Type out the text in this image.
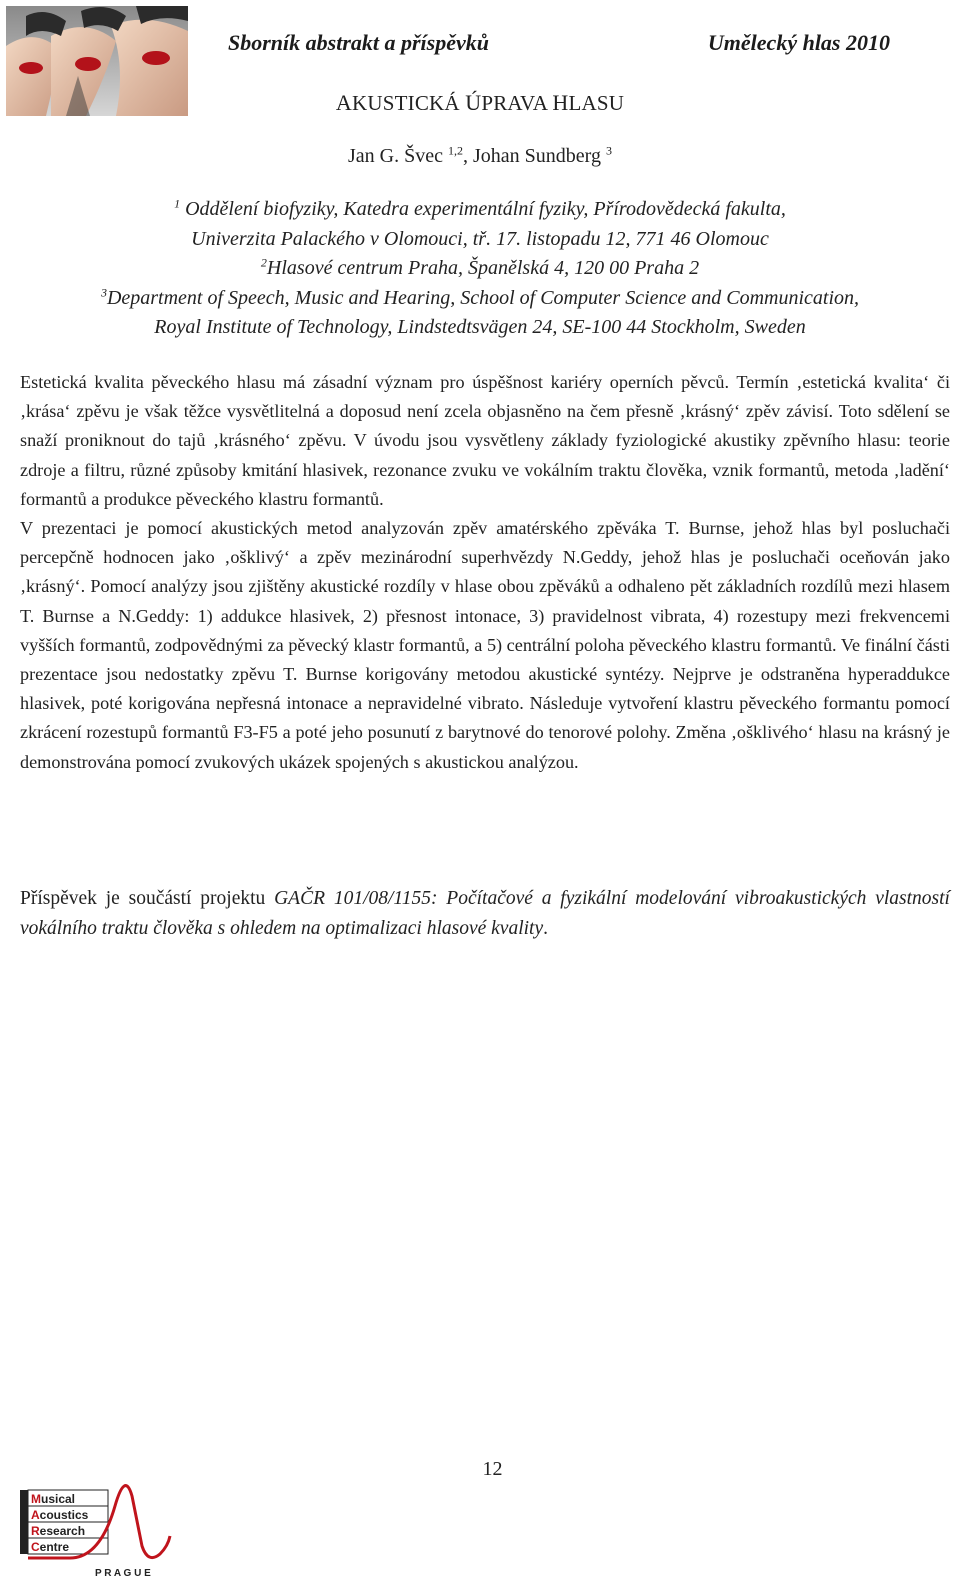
Sborník abstrakt a příspěvků	Umělecký hlas 2010
AKUSTICKÁ ÚPRAVA HLASU
Jan G. Švec $^{1,2}$, Johan Sundberg $^3$
$^1$ Oddělení biofyziky, Katedra experimentální fyziky, Přírodovědecká fakulta,
Univerzita Palackého v Olomouci, tř. 17. listopadu 12, 771 46 Olomouc
$^2$Hlasové centrum Praha, Španělská 4, 120 00 Praha 2
$^3$Department of Speech, Music and Hearing, School of Computer Science and Communication,
Royal Institute of Technology, Lindstedtsvägen 24, SE-100 44 Stockholm, Sweden

Estetická kvalita pěveckého hlasu má zásadní význam pro úspěšnost kariéry operních pěvců. Termín ‚estetická kvalita‘ či ‚krása‘ zpěvu je však těžce vysvětlitelná a doposud není zcela objasněno na čem přesně ‚krásný‘ zpěv závisí. Toto sdělení se snaží proniknout do tajů ‚krásného‘ zpěvu. V úvodu jsou vysvětleny základy fyziologické akustiky zpěvního hlasu: teorie zdroje a filtru, různé způsoby kmitání hlasivek, rezonance zvuku ve vokálním traktu člověka, vznik formantů, metoda ‚ladění‘ formantů a produkce pěveckého klastru formantů.

V prezentaci je pomocí akustických metod analyzován zpěv amatérského zpěváka T. Burnse, jehož hlas byl posluchači percepčně hodnocen jako ‚ošklivý‘ a zpěv mezinárodní superhvězdy N.Geddy, jehož hlas je posluchači oceňován jako ‚krásný‘. Pomocí analýzy jsou zjištěny akustické rozdíly v hlase obou zpěváků a odhaleno pět základních rozdílů mezi hlasem T. Burnse a N.Geddy: 1) addukce hlasivek, 2) přesnost intonace, 3) pravidelnost vibrata, 4) rozestupy mezi frekvencemi vyšších formantů, zodpovědnými za pěvecký klastr formantů, a 5) centrální poloha pěveckého klastru formantů. Ve finální části prezentace jsou nedostatky zpěvu T. Burnse korigovány metodou akustické syntézy. Nejprve je odstraněna hyperaddukce hlasivek, poté korigována nepřesná intonace a nepravidelné vibrato. Následuje vytvoření klastru pěveckého formantu pomocí zkrácení rozestupů formantů F3-F5 a poté jeho posunutí z barytnové do tenorové polohy. Změna ‚ošklivého‘ hlasu na krásný je demonstrována pomocí zvukových ukázek spojených s akustickou analýzou.

Příspěvek je součástí projektu GAČR 101/08/1155: Počítačové a fyzikální modelování vibroakustických vlastností vokálního traktu člověka s ohledem na optimalizaci hlasové kvality.
12
Musical
Acoustics
Research
Centre
P R A G U E
